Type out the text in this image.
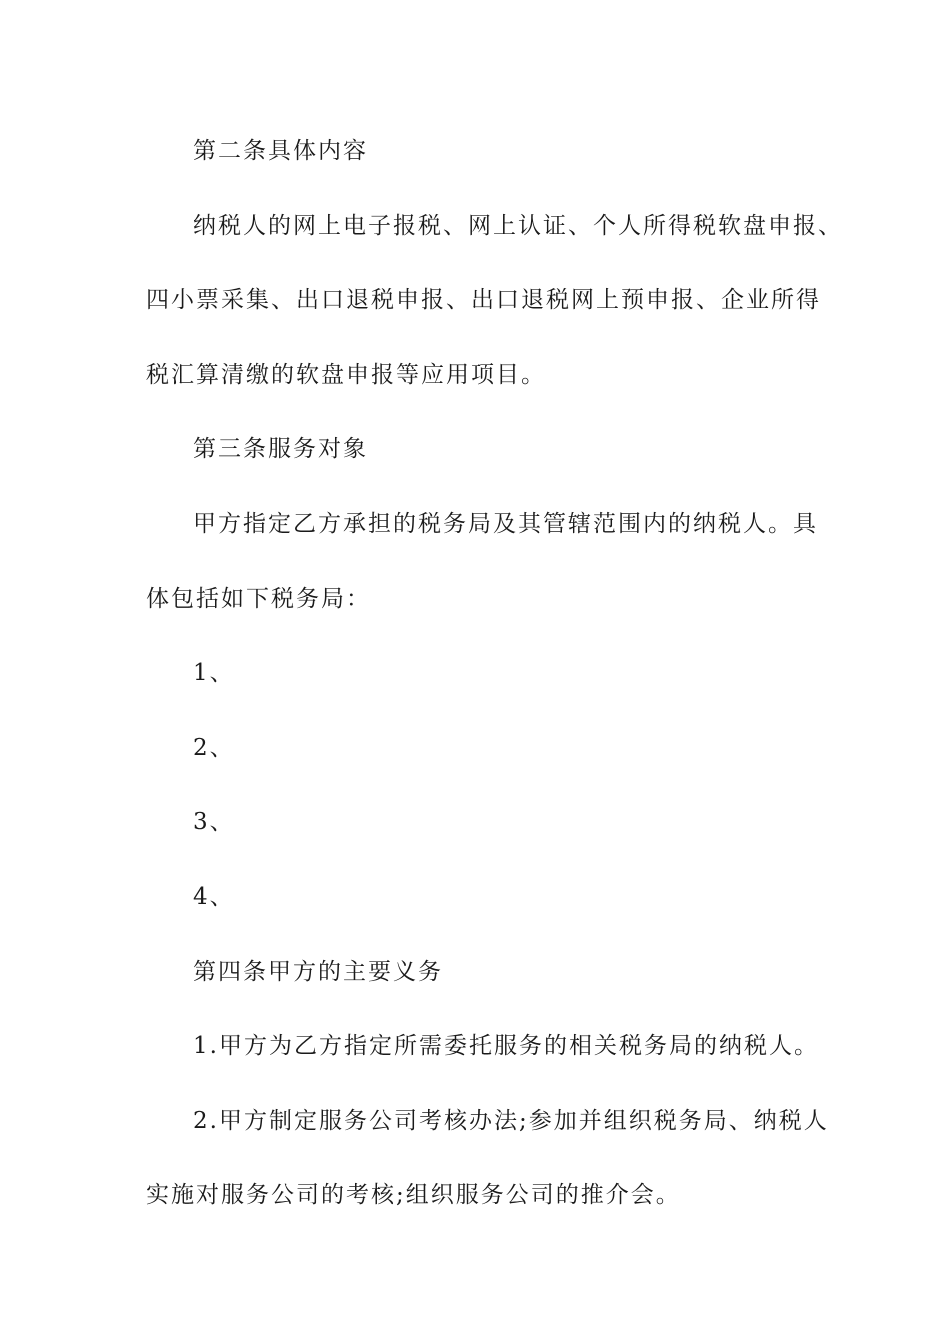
第二条具体内容
纳税人的网上电子报税、网上认证、个人所得税软盘申报、
四小票采集、出口退税申报、出口退税网上预申报、企业所得
税汇算清缴的软盘申报等应用项目。
第三条服务对象
甲方指定乙方承担的税务局及其管辖范围内的纳税人。具
体包括如下税务局：
1、
2、
3、
4、
第四条甲方的主要义务
1.甲方为乙方指定所需委托服务的相关税务局的纳税人。
2.甲方制定服务公司考核办法;参加并组织税务局、纳税人
实施对服务公司的考核;组织服务公司的推介会。
